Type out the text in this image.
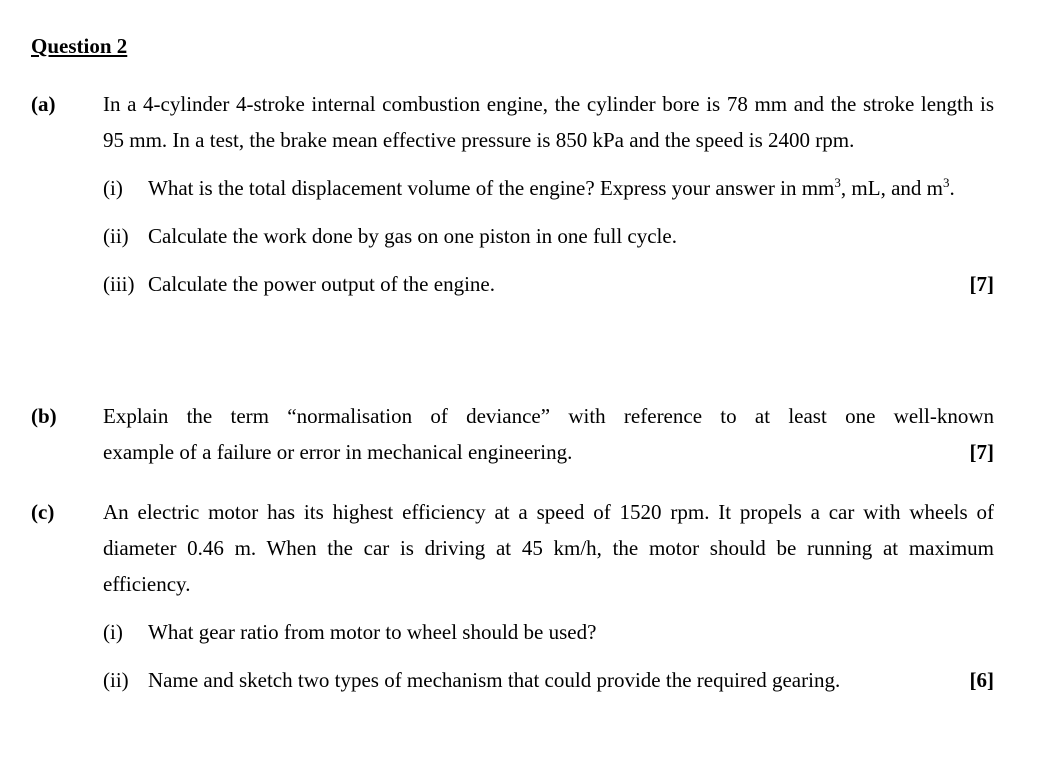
Question 2
(a) In a 4-cylinder 4-stroke internal combustion engine, the cylinder bore is 78 mm and the stroke length is 95 mm. In a test, the brake mean effective pressure is 850 kPa and the speed is 2400 rpm.
(i) What is the total displacement volume of the engine? Express your answer in $mm^3$, mL, and $m^3$.
(ii) Calculate the work done by gas on one piston in one full cycle.
(iii) Calculate the power output of the engine.	[7]
(b) Explain the term “normalisation of deviance” with reference to at least one well-known
example of a failure or error in mechanical engineering.	[7]
(c) An electric motor has its highest efficiency at a speed of 1520 rpm. It propels a car with wheels of diameter 0.46 m. When the car is driving at 45 km/h, the motor should be running at maximum efficiency.
(i) What gear ratio from motor to wheel should be used?
(ii) Name and sketch two types of mechanism that could provide the required gearing.	[6]
